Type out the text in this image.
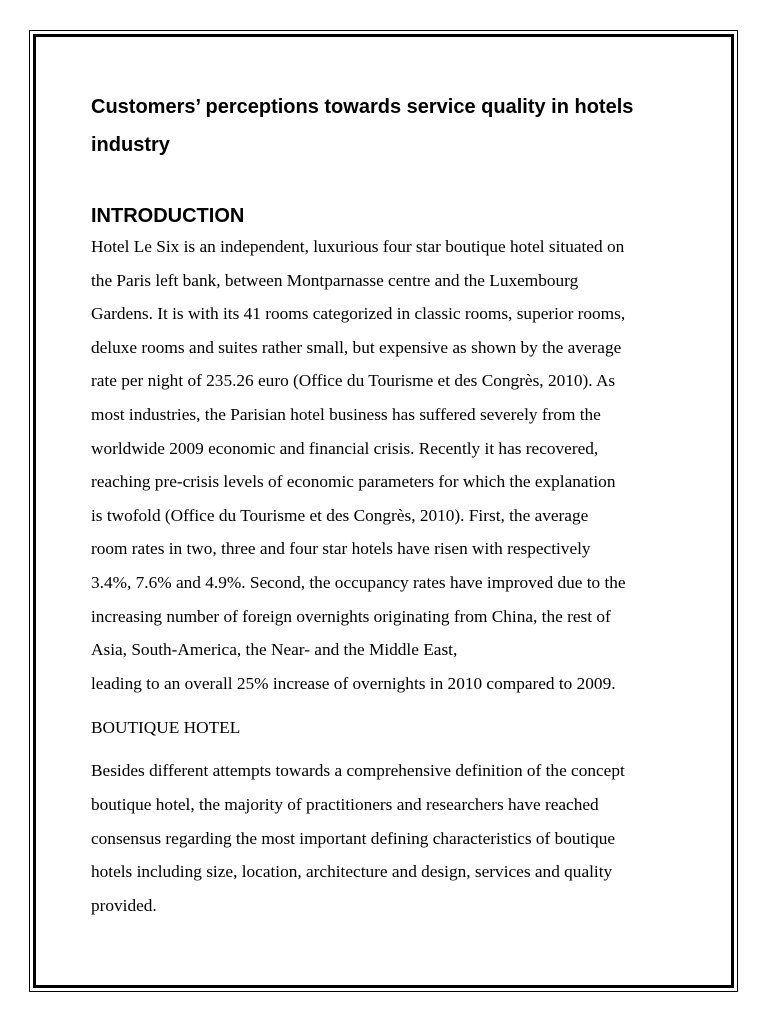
Customers’ perceptions towards service quality in hotels industry
INTRODUCTION

Hotel Le Six is an independent, luxurious four star boutique hotel situated on
the Paris left bank, between Montparnasse centre and the Luxembourg
Gardens. It is with its 41 rooms categorized in classic rooms, superior rooms,
deluxe rooms and suites rather small, but expensive as shown by the average
rate per night of 235.26 euro (Office du Tourisme et des Congrès, 2010). As
most industries, the Parisian hotel business has suffered severely from the
worldwide 2009 economic and financial crisis. Recently it has recovered,
reaching pre-crisis levels of economic parameters for which the explanation
is twofold (Office du Tourisme et des Congrès, 2010). First, the average
room rates in two, three and four star hotels have risen with respectively
3.4%, 7.6% and 4.9%. Second, the occupancy rates have improved due to the
increasing number of foreign overnights originating from China, the rest of
Asia, South-America, the Near- and the Middle East,
leading to an overall 25% increase of overnights in 2010 compared to 2009.

BOUTIQUE HOTEL

Besides different attempts towards a comprehensive definition of the concept
boutique hotel, the majority of practitioners and researchers have reached
consensus regarding the most important defining characteristics of boutique
hotels including size, location, architecture and design, services and quality
provided.
